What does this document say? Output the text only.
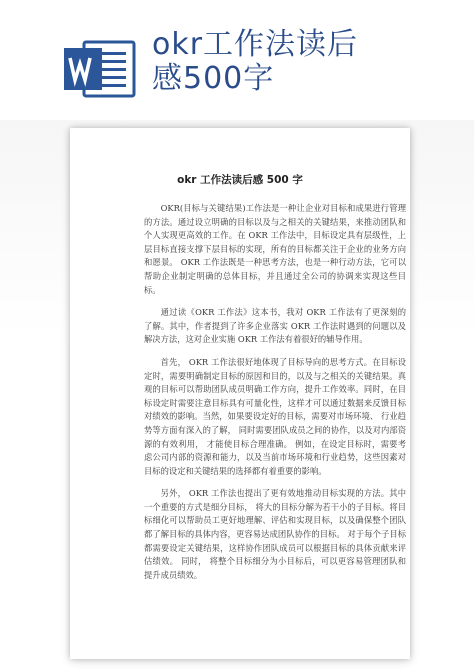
okr工作法读后
感500字
okr 工作法读后感 500 字

OKR(目标与关键结果)工作法是一种让企业对目标和成果进行管理的方法。通过设立明确的目标以及与之相关的关键结果，来推动团队和个人实现更高效的工作。在 OKR 工作法中，目标设定具有层级性，上层目标直接支撑下层目标的实现，所有的目标都关注于企业的业务方向和愿景。 OKR 工作法既是一种思考方法，也是一种行动方法，它可以帮助企业制定明确的总体目标，并且通过全公司的协调来实现这些目标。

通过读《OKR 工作法》这本书，我对 OKR 工作法有了更深刻的了解。其中，作者提到了许多企业落实 OKR 工作法时遇到的问题以及解决方法，这对企业实施 OKR 工作法有着很好的辅导作用。

首先， OKR 工作法很好地体现了目标导向的思考方式。在目标设定时，需要明确制定目标的原因和目的，以及与之相关的关键结果。真观的目标可以帮助团队成员明确工作方向，提升工作效率。同时，在目标设定时需要注意目标具有可量化性，这样才可以通过数据来反馈目标对绩效的影响。当然，如果要设定好的目标，需要对市场环境、 行业趋势等方面有深入的了解， 同时需要团队成员之间的协作，以及对内部资源的有效利用， 才能使目标合理准确。 例如，在设定目标时，需要考虑公司内部的资源和能力，以及当前市场环境和行业趋势，这些因素对目标的设定和关键结果的选择都有着重要的影响。

另外， OKR 工作法也提出了更有效地推动目标实现的方法。其中一个重要的方式是细分目标， 将大的目标分解为若干小的子目标。将目标细化可以帮助员工更好地理解、评估和实现目标，以及确保整个团队都了解目标的具体内容，更容易达成团队协作的目标。 对于每个子目标都需要设定关键结果，这样协作团队成员可以根据目标的具体贡献来评估绩效。 同时， 将整个目标细分为小目标后，可以更容易管理团队和提升成员绩效。
